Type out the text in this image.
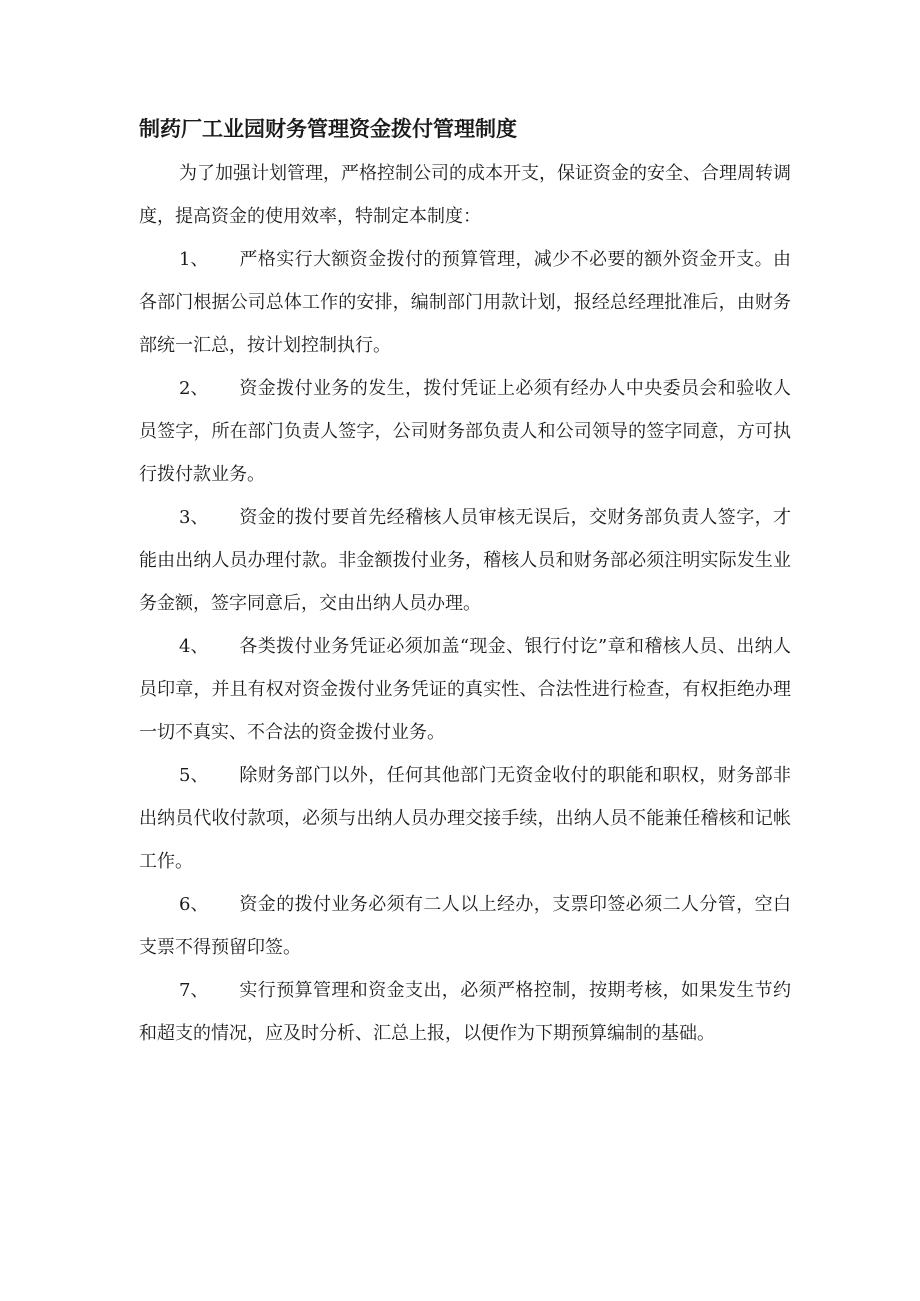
制药厂工业园财务管理资金拨付管理制度

为了加强计划管理，严格控制公司的成本开支，保证资金的安全、合理周转调度，提高资金的使用效率，特制定本制度：

1、 严格实行大额资金拨付的预算管理，减少不必要的额外资金开支。由各部门根据公司总体工作的安排，编制部门用款计划，报经总经理批准后，由财务部统一汇总，按计划控制执行。

2、 资金拨付业务的发生，拨付凭证上必须有经办人中央委员会和验收人员签字，所在部门负责人签字，公司财务部负责人和公司领导的签字同意，方可执行拨付款业务。

3、 资金的拨付要首先经稽核人员审核无误后，交财务部负责人签字，才能由出纳人员办理付款。非金额拨付业务，稽核人员和财务部必须注明实际发生业务金额，签字同意后，交由出纳人员办理。

4、 各类拨付业务凭证必须加盖“现金、银行付讫”章和稽核人员、出纳人员印章，并且有权对资金拨付业务凭证的真实性、合法性进行检查，有权拒绝办理一切不真实、不合法的资金拨付业务。

5、 除财务部门以外，任何其他部门无资金收付的职能和职权，财务部非出纳员代收付款项，必须与出纳人员办理交接手续，出纳人员不能兼任稽核和记帐工作。

6、 资金的拨付业务必须有二人以上经办，支票印签必须二人分管，空白支票不得预留印签。

7、 实行预算管理和资金支出，必须严格控制，按期考核，如果发生节约和超支的情况，应及时分析、汇总上报，以便作为下期预算编制的基础。
